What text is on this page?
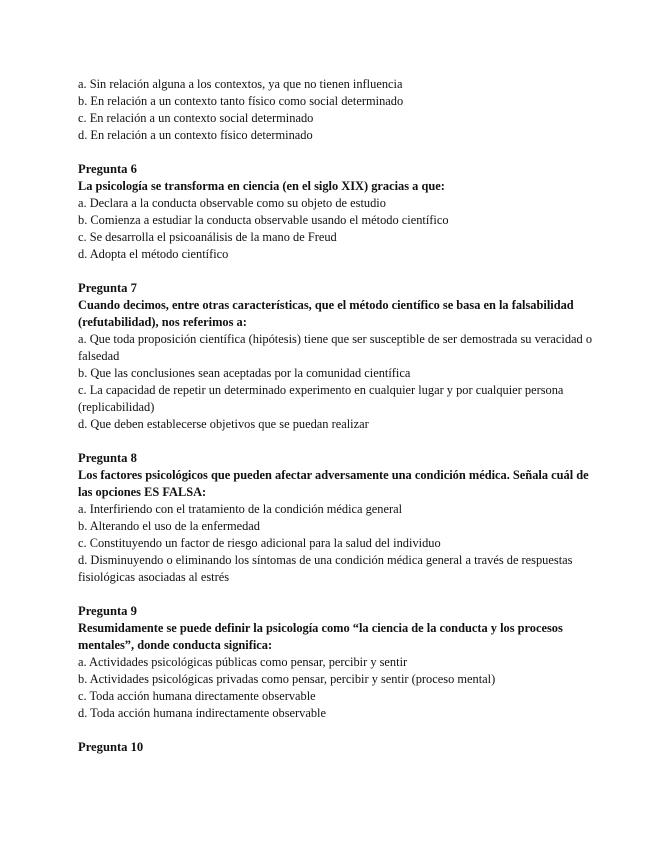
a. Sin relación alguna a los contextos, ya que no tienen influencia
b. En relación a un contexto tanto físico como social determinado
c. En relación a un contexto social determinado
d. En relación a un contexto físico determinado
Pregunta 6
La psicología se transforma en ciencia (en el siglo XIX) gracias a que:
a. Declara a la conducta observable como su objeto de estudio
b. Comienza a estudiar la conducta observable usando el método científico
c. Se desarrolla el psicoanálisis de la mano de Freud
d. Adopta el método científico
Pregunta 7
Cuando decimos, entre otras características, que el método científico se basa en la falsabilidad (refutabilidad), nos referimos a:
a. Que toda proposición científica (hipótesis) tiene que ser susceptible de ser demostrada su veracidad o falsedad
b. Que las conclusiones sean aceptadas por la comunidad científica
c. La capacidad de repetir un determinado experimento en cualquier lugar y por cualquier persona (replicabilidad)
d. Que deben establecerse objetivos que se puedan realizar
Pregunta 8
Los factores psicológicos que pueden afectar adversamente una condición médica. Señala cuál de las opciones ES FALSA:
a. Interfiriendo con el tratamiento de la condición médica general
b. Alterando el uso de la enfermedad
c. Constituyendo un factor de riesgo adicional para la salud del individuo
d. Disminuyendo o eliminando los síntomas de una condición médica general a través de respuestas fisiológicas asociadas al estrés
Pregunta 9
Resumidamente se puede definir la psicología como “la ciencia de la conducta y los procesos mentales”, donde conducta significa:
a. Actividades psicológicas públicas como pensar, percibir y sentir
b. Actividades psicológicas privadas como pensar, percibir y sentir (proceso mental)
c. Toda acción humana directamente observable
d. Toda acción humana indirectamente observable
Pregunta 10
